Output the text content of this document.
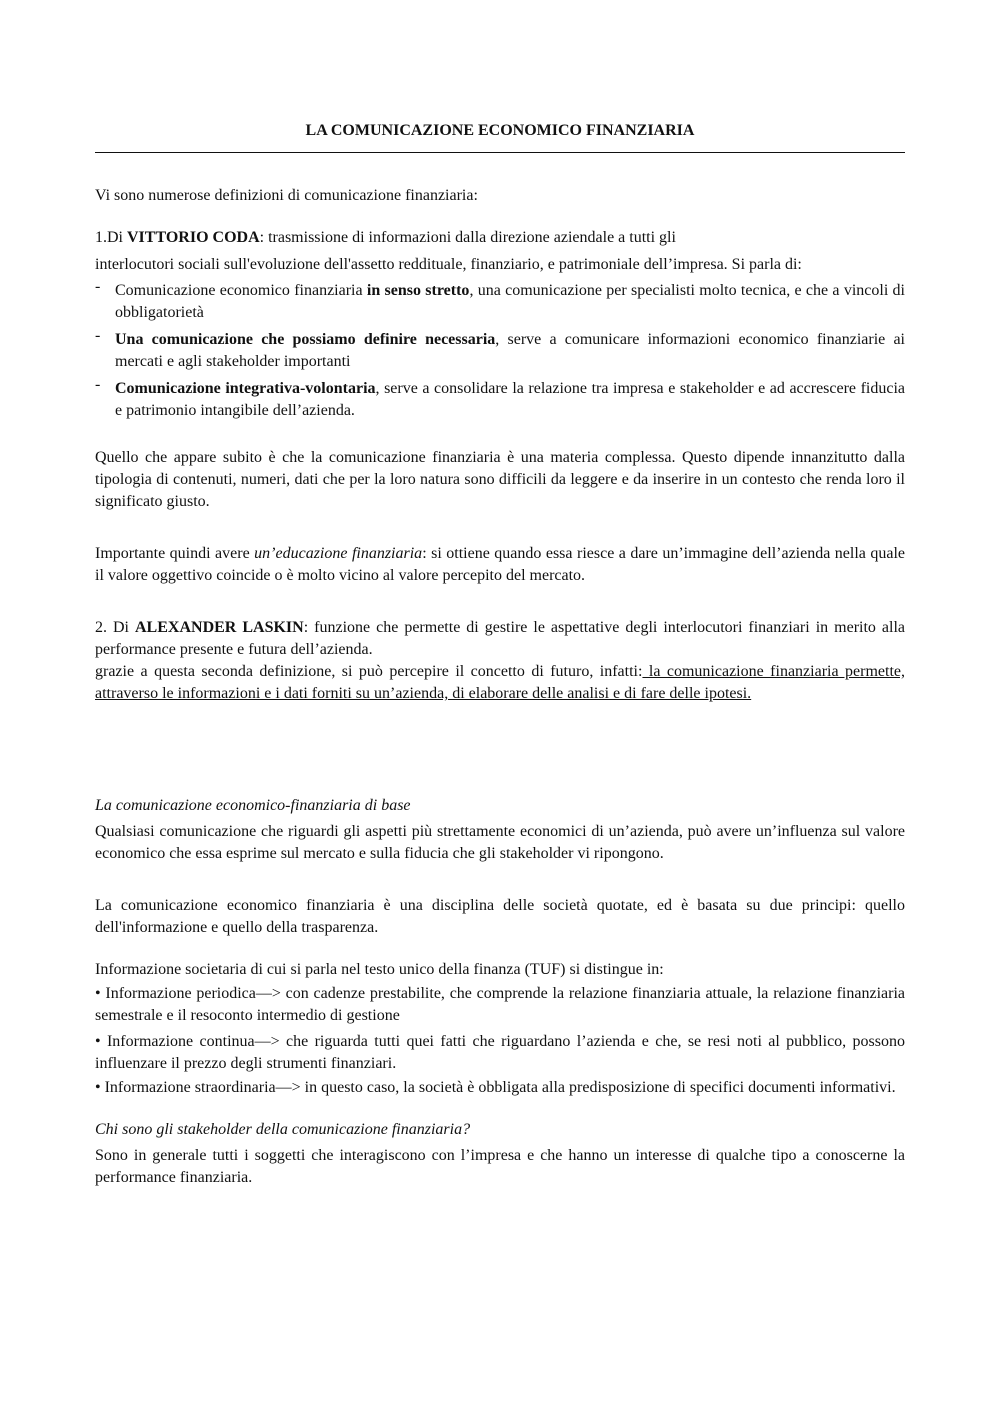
LA COMUNICAZIONE ECONOMICO FINANZIARIA

Vi sono numerose definizioni di comunicazione finanziaria:

1.Di VITTORIO CODA: trasmissione di informazioni dalla direzione aziendale a tutti gli

interlocutori sociali sull'evoluzione dell'assetto reddituale, finanziario, e patrimoniale dell’impresa. Si parla di:

- Comunicazione economico finanziaria in senso stretto, una comunicazione per specialisti molto tecnica, e che a vincoli di obbligatorietà
- Una comunicazione che possiamo definire necessaria, serve a comunicare informazioni economico finanziarie ai mercati e agli stakeholder importanti
- Comunicazione integrativa-volontaria, serve a consolidare la relazione tra impresa e stakeholder e ad accrescere fiducia e patrimonio intangibile dell’azienda.

Quello che appare subito è che la comunicazione finanziaria è una materia complessa. Questo dipende innanzitutto dalla tipologia di contenuti, numeri, dati che per la loro natura sono difficili da leggere e da inserire in un contesto che renda loro il significato giusto.

Importante quindi avere un’educazione finanziaria: si ottiene quando essa riesce a dare un’immagine dell’azienda nella quale il valore oggettivo coincide o è molto vicino al valore percepito del mercato.

2. Di ALEXANDER LASKIN: funzione che permette di gestire le aspettative degli interlocutori finanziari in merito alla performance presente e futura dell’azienda.

grazie a questa seconda definizione, si può percepire il concetto di futuro, infatti: la comunicazione finanziaria permette, attraverso le informazioni e i dati forniti su un’azienda, di elaborare delle analisi e di fare delle ipotesi.

La comunicazione economico-finanziaria di base

Qualsiasi comunicazione che riguardi gli aspetti più strettamente economici di un’azienda, può avere un’influenza sul valore economico che essa esprime sul mercato e sulla fiducia che gli stakeholder vi ripongono.

La comunicazione economico finanziaria è una disciplina delle società quotate, ed è basata su due principi: quello dell'informazione e quello della trasparenza.

Informazione societaria di cui si parla nel testo unico della finanza (TUF) si distingue in:

• Informazione periodica—> con cadenze prestabilite, che comprende la relazione finanziaria attuale, la relazione finanziaria semestrale e il resoconto intermedio di gestione

• Informazione continua—> che riguarda tutti quei fatti che riguardano l’azienda e che, se resi noti al pubblico, possono influenzare il prezzo degli strumenti finanziari.

• Informazione straordinaria—> in questo caso, la società è obbligata alla predisposizione di specifici documenti informativi.

Chi sono gli stakeholder della comunicazione finanziaria?

Sono in generale tutti i soggetti che interagiscono con l’impresa e che hanno un interesse di qualche tipo a conoscerne la performance finanziaria.
